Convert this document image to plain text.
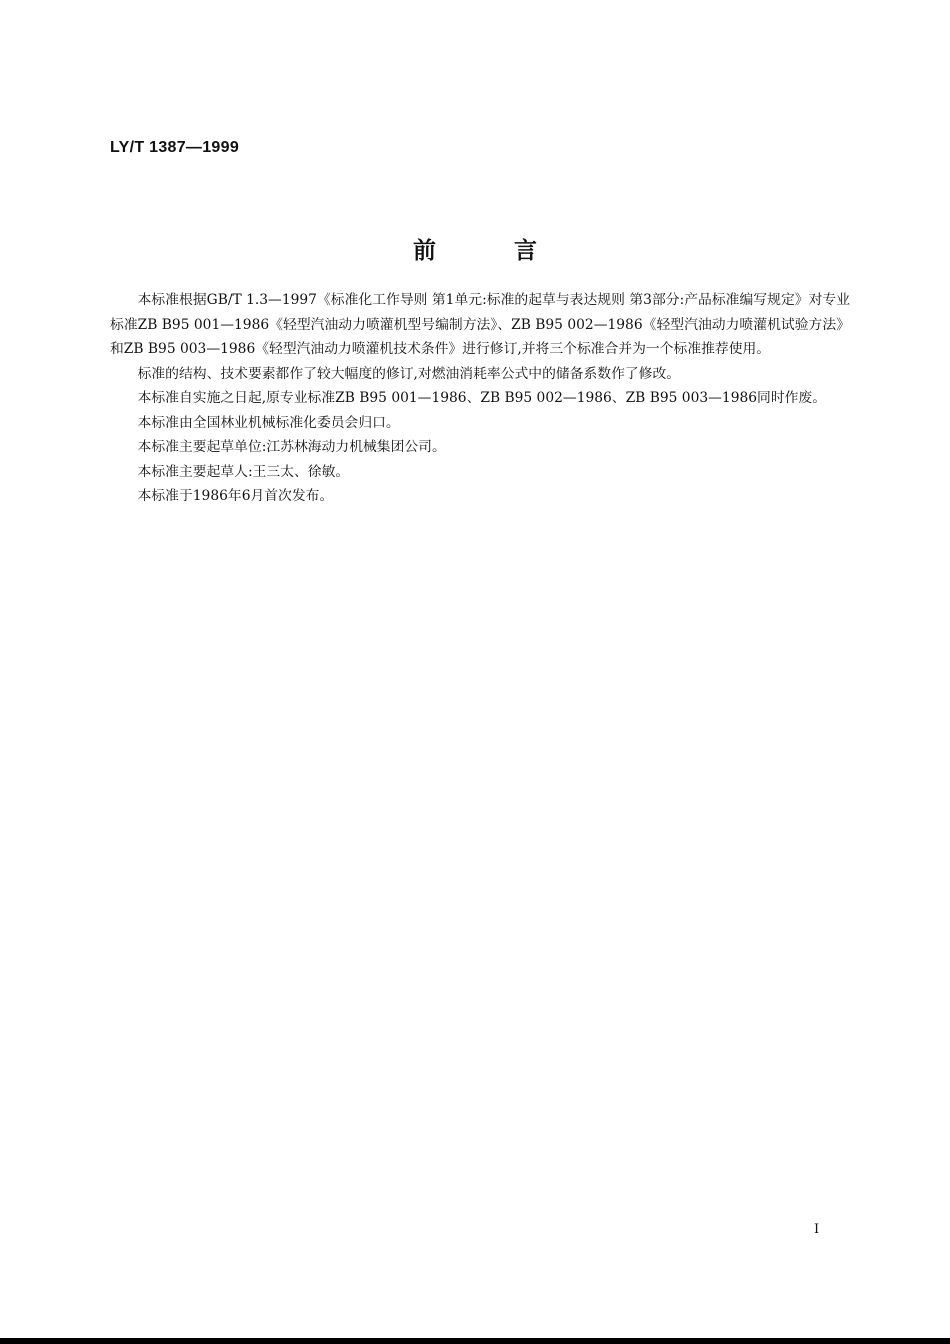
LY/T 1387—1999
前言

本标准根据GB/T 1.3—1997《标准化工作导则 第1单元:标准的起草与表达规则 第3部分:产品标准编写规定》对专业标准ZB B95 001—1986《轻型汽油动力喷灌机型号编制方法》、ZB B95 002—1986《轻型汽油动力喷灌机试验方法》和ZB B95 003—1986《轻型汽油动力喷灌机技术条件》进行修订,并将三个标准合并为一个标准推荐使用。

标准的结构、技术要素都作了较大幅度的修订,对燃油消耗率公式中的储备系数作了修改。

本标准自实施之日起,原专业标准ZB B95 001—1986、ZB B95 002—1986、ZB B95 003—1986同时作废。

本标准由全国林业机械标准化委员会归口。

本标准主要起草单位:江苏林海动力机械集团公司。

本标准主要起草人:王三太、徐敏。

本标准于1986年6月首次发布。

I
